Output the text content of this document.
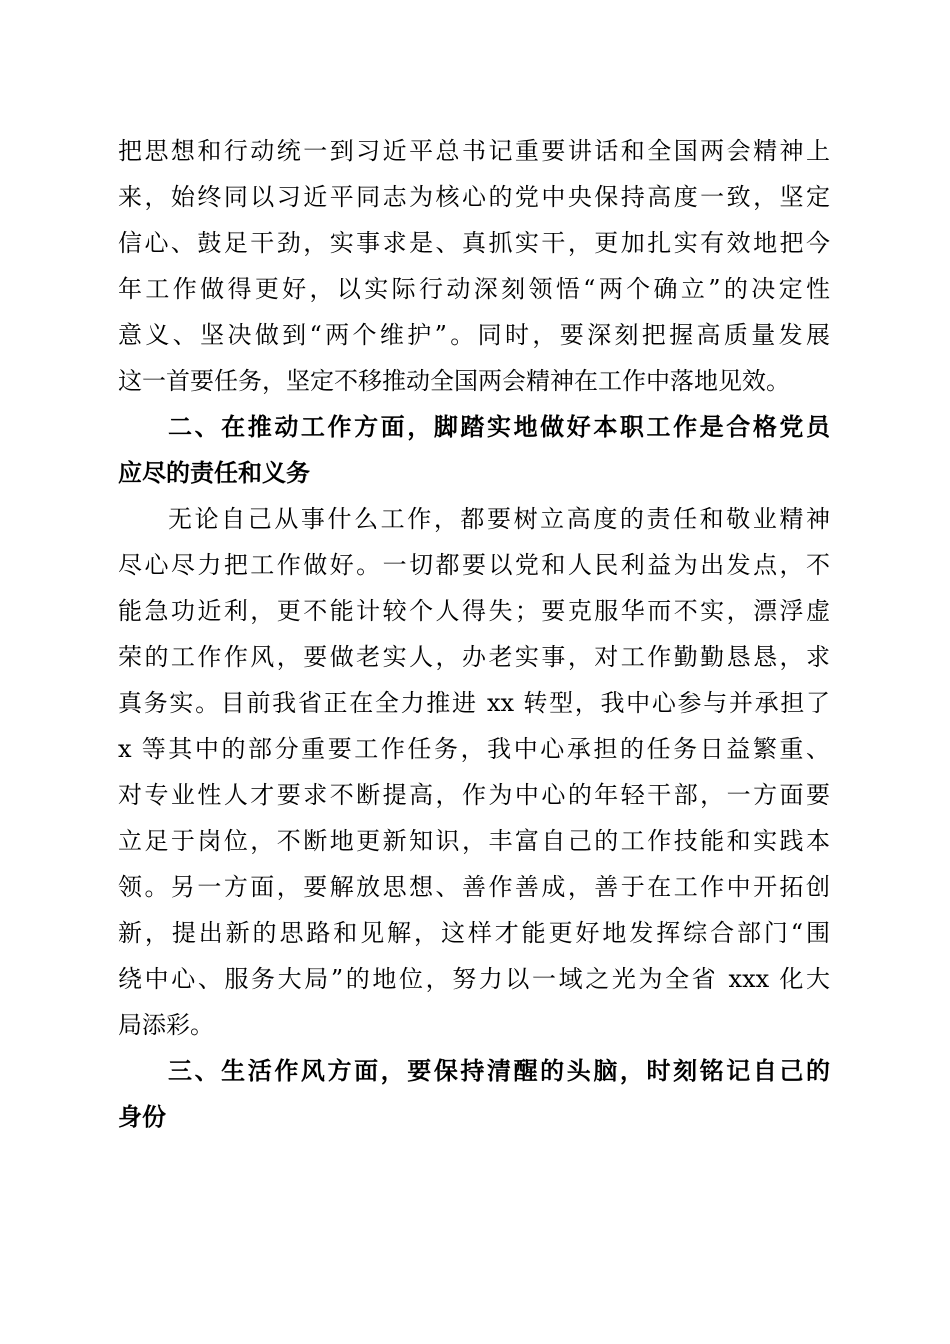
把思想和行动统一到习近平总书记重要讲话和全国两会精神上
来，始终同以习近平同志为核心的党中央保持高度一致，坚定
信心、鼓足干劲，实事求是、真抓实干，更加扎实有效地把今
年工作做得更好，以实际行动深刻领悟“两个确立”的决定性
意义、坚决做到“两个维护”。同时，要深刻把握高质量发展
这一首要任务，坚定不移推动全国两会精神在工作中落地见效。
二、在推动工作方面，脚踏实地做好本职工作是合格党员
应尽的责任和义务
无论自己从事什么工作，都要树立高度的责任和敬业精神
尽心尽力把工作做好。一切都要以党和人民利益为出发点，不
能急功近利，更不能计较个人得失；要克服华而不实，漂浮虚
荣的工作作风，要做老实人，办老实事，对工作勤勤恳恳，求
真务实。目前我省正在全力推进 xx 转型，我中心参与并承担了
x 等其中的部分重要工作任务，我中心承担的任务日益繁重、
对专业性人才要求不断提高，作为中心的年轻干部，一方面要
立足于岗位，不断地更新知识，丰富自己的工作技能和实践本
领。另一方面，要解放思想、善作善成，善于在工作中开拓创
新，提出新的思路和见解，这样才能更好地发挥综合部门“围
绕中心、服务大局”的地位，努力以一域之光为全省 xxx 化大
局添彩。
三、生活作风方面，要保持清醒的头脑，时刻铭记自己的
身份
